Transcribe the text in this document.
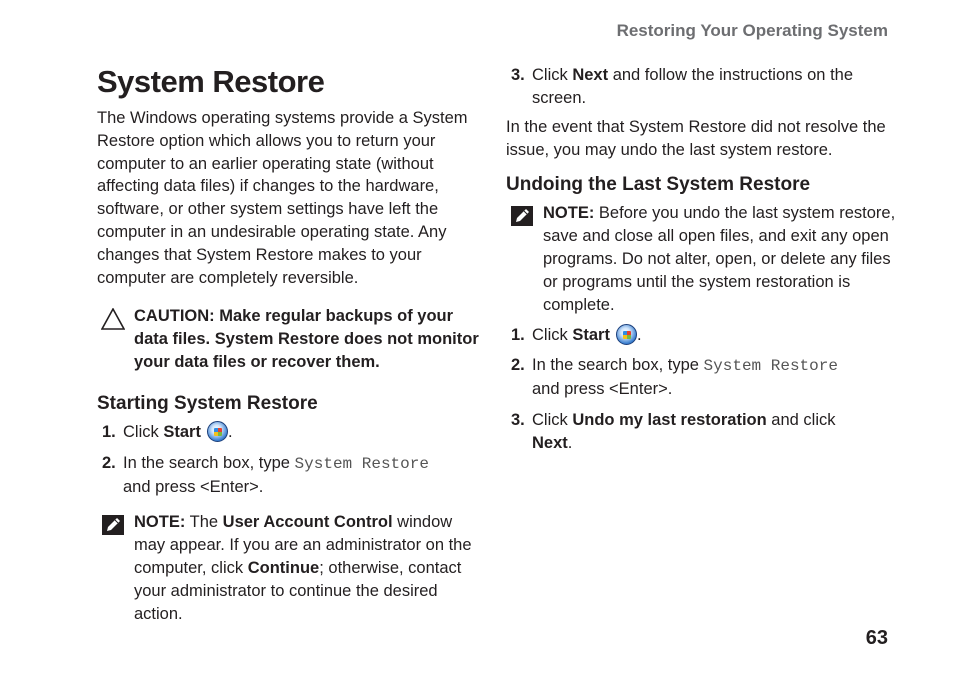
Restoring Your Operating System
System Restore

The Windows operating systems provide a System Restore option which allows you to return your computer to an earlier operating state (without affecting data files) if changes to the hardware, software, or other system settings have left the computer in an undesirable operating state. Any changes that System Restore makes to your computer are completely reversible.

CAUTION: Make regular backups of your data files. System Restore does not monitor your data files or recover them.
Starting System Restore
1. Click Start .
2. In the search box, type System Restore
and press <Enter>.
NOTE: The User Account Control window may appear. If you are an administrator on the computer, click Continue; otherwise, contact your administrator to continue the desired action.
3. Click Next and follow the instructions on the screen.

In the event that System Restore did not resolve the issue, you may undo the last system restore.

Undoing the Last System Restore
NOTE: Before you undo the last system restore, save and close all open files, and exit any open programs. Do not alter, open, or delete any files or programs until the system restoration is complete.
1. Click Start .
2. In the search box, type System Restore
and press <Enter>.
3. Click Undo my last restoration and click
Next.
63
